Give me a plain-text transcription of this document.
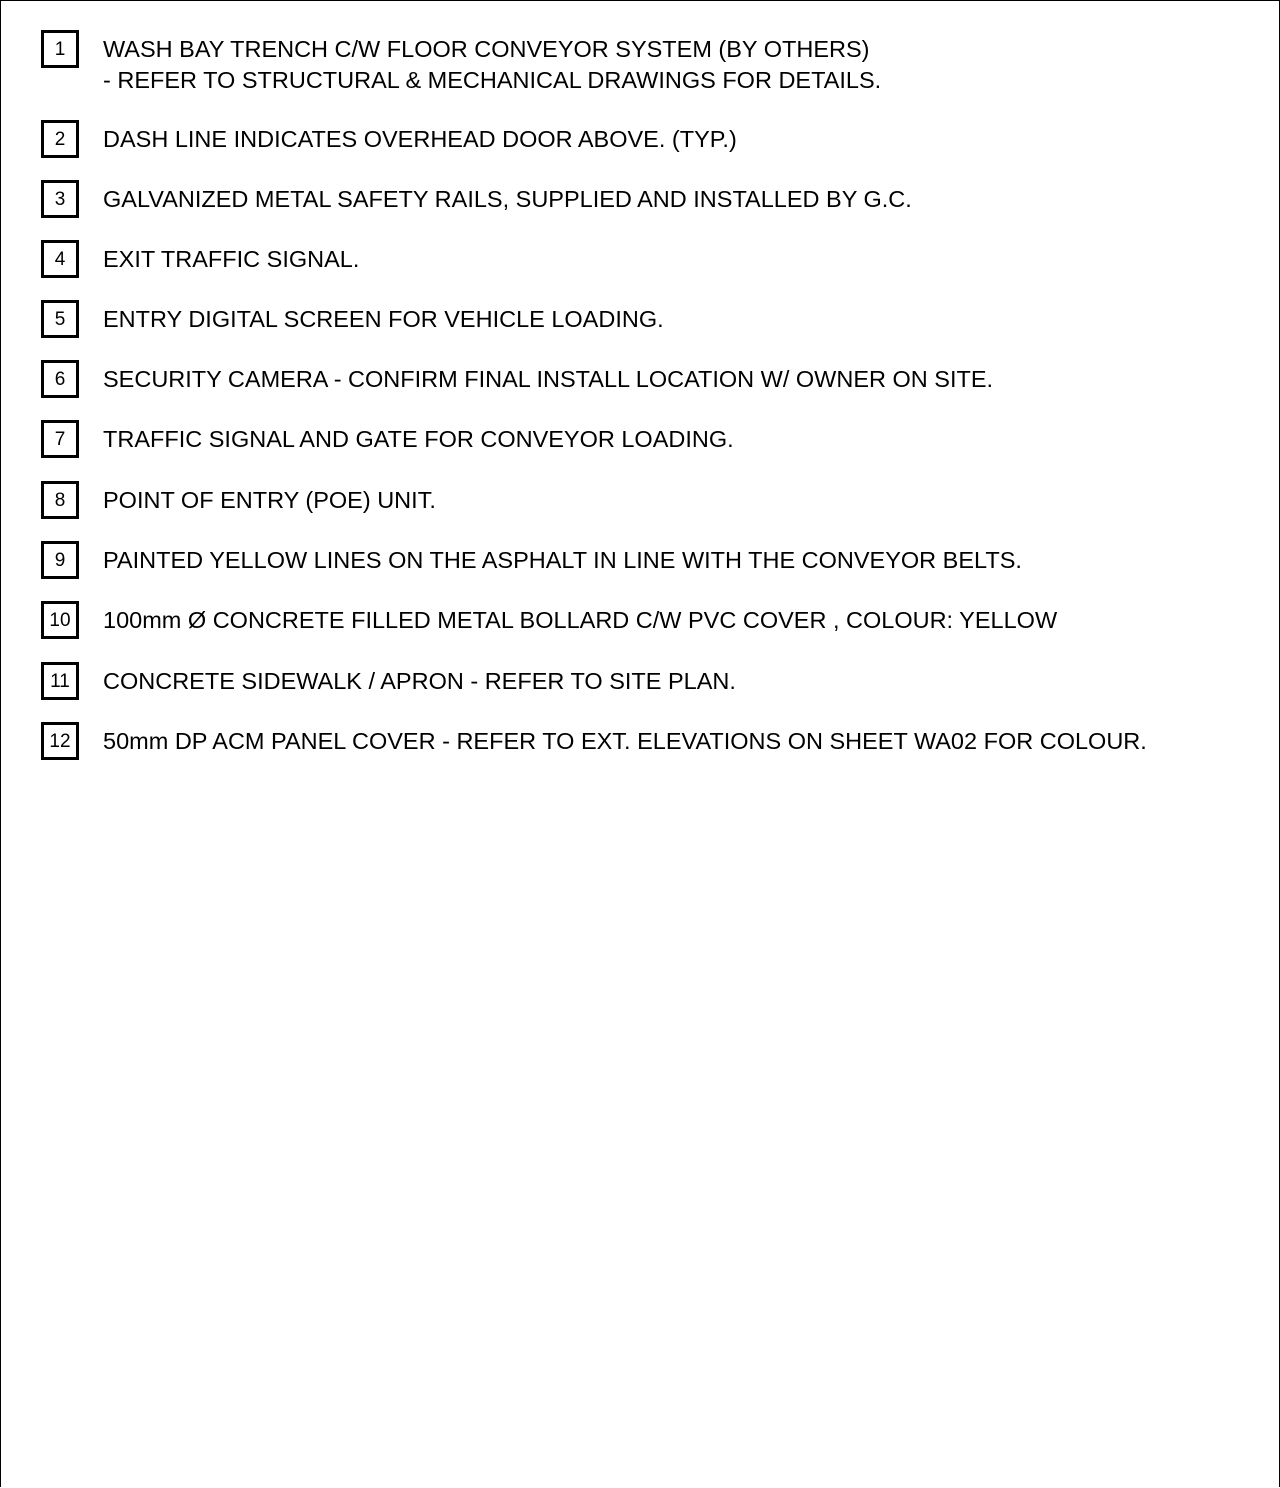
1	WASH BAY TRENCH C/W FLOOR CONVEYOR SYSTEM (BY OTHERS)
- REFER TO STRUCTURAL & MECHANICAL DRAWINGS FOR DETAILS.
2	DASH LINE INDICATES OVERHEAD DOOR ABOVE. (TYP.)
3	GALVANIZED METAL SAFETY RAILS, SUPPLIED AND INSTALLED BY G.C.
4	EXIT TRAFFIC SIGNAL.
5	ENTRY DIGITAL SCREEN FOR VEHICLE LOADING.
6	SECURITY CAMERA - CONFIRM FINAL INSTALL LOCATION W/ OWNER ON SITE.
7	TRAFFIC SIGNAL AND GATE FOR CONVEYOR LOADING.
8	POINT OF ENTRY (POE) UNIT.
9	PAINTED YELLOW LINES ON THE ASPHALT IN LINE WITH THE CONVEYOR BELTS.
10	100mm Ø CONCRETE FILLED METAL BOLLARD C/W PVC COVER , COLOUR: YELLOW
11	CONCRETE SIDEWALK / APRON - REFER TO SITE PLAN.
12	50mm DP ACM PANEL COVER - REFER TO EXT. ELEVATIONS ON SHEET WA02 FOR COLOUR.
